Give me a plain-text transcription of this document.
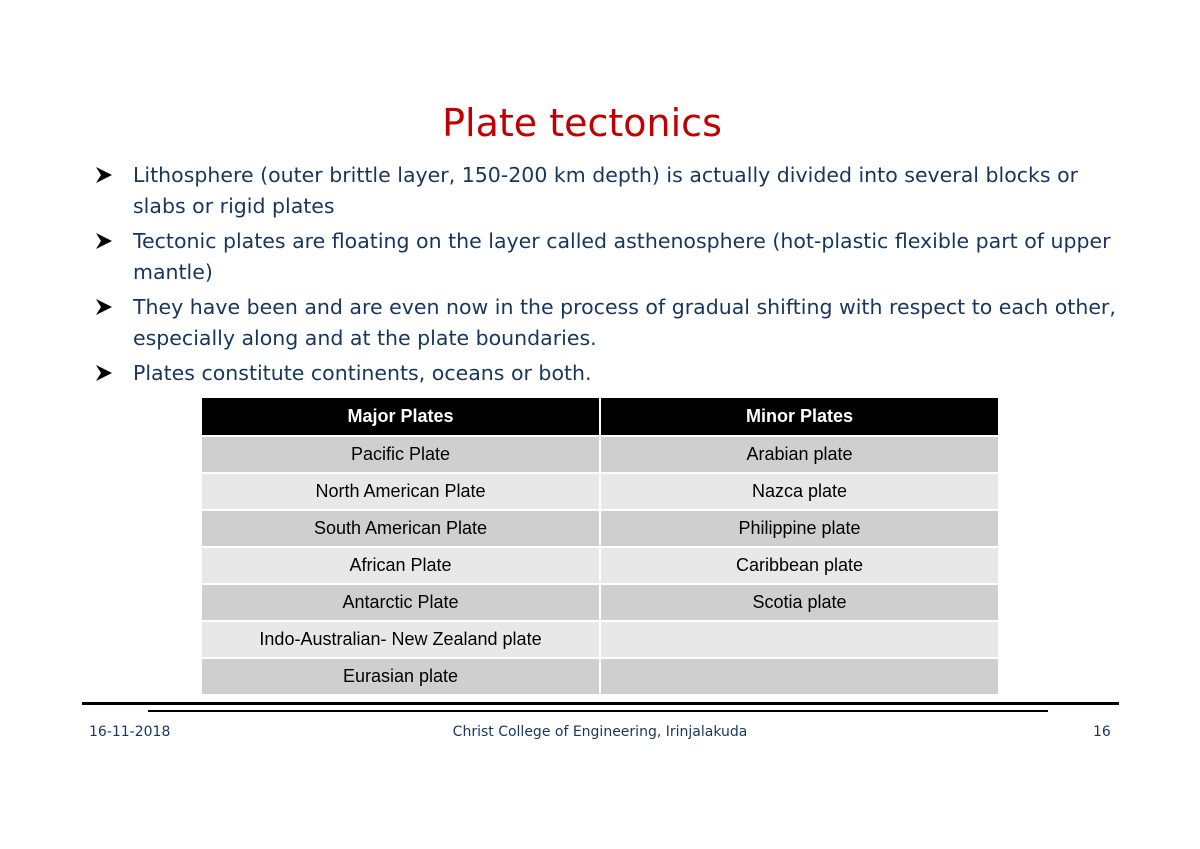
Plate tectonics
Lithosphere (outer brittle layer, 150-200 km depth) is actually divided into several blocks or slabs or rigid plates
Tectonic plates are floating on the layer called asthenosphere (hot-plastic flexible part of upper mantle)
They have been and are even now in the process of gradual shifting with respect to each other, especially along and at the plate boundaries.
Plates constitute continents, oceans or both.
Major Plates	Minor Plates
Pacific Plate	Arabian plate
North American Plate	Nazca plate
South American Plate	Philippine plate
African Plate	Caribbean plate
Antarctic Plate	Scotia plate
Indo-Australian- New Zealand plate	
Eurasian plate	
16-11-2018	Christ College of Engineering, Irinjalakuda	16
